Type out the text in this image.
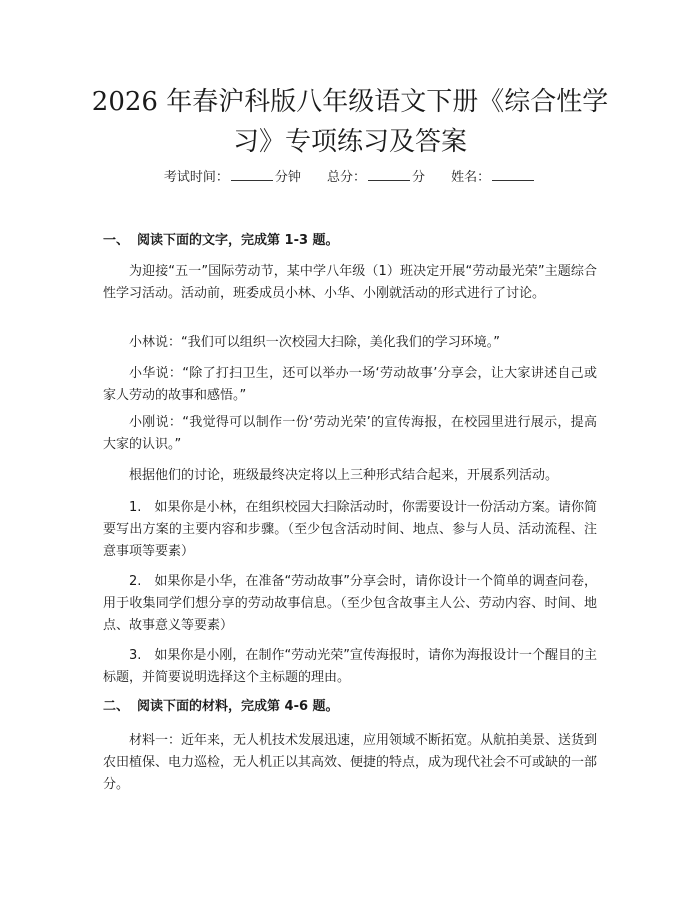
2026 年春沪科版八年级语文下册《综合性学
习》专项练习及答案
考试时间：	分钟 总分：	分 姓名：
一、 阅读下面的文字，完成第 1-3 题。
为迎接“五一”国际劳动节，某中学八年级（1）班决定开展“劳动最光荣”主题综合性学习活动。活动前，班委成员小林、小华、小刚就活动的形式进行了讨论。
小林说：“我们可以组织一次校园大扫除，美化我们的学习环境。”
小华说：“除了打扫卫生，还可以举办一场‘劳动故事’分享会，让大家讲述自己或家人劳动的故事和感悟。”
小刚说：“我觉得可以制作一份‘劳动光荣’的宣传海报，在校园里进行展示，提高大家的认识。”
根据他们的讨论，班级最终决定将以上三种形式结合起来，开展系列活动。
1.　如果你是小林，在组织校园大扫除活动时，你需要设计一份活动方案。请你简要写出方案的主要内容和步骤。（至少包含活动时间、地点、参与人员、活动流程、注意事项等要素）
2.　如果你是小华，在准备“劳动故事”分享会时，请你设计一个简单的调查问卷，用于收集同学们想分享的劳动故事信息。（至少包含故事主人公、劳动内容、时间、地点、故事意义等要素）
3.　如果你是小刚，在制作“劳动光荣”宣传海报时，请你为海报设计一个醒目的主标题，并简要说明选择这个主标题的理由。
二、 阅读下面的材料，完成第 4-6 题。
材料一：近年来，无人机技术发展迅速，应用领域不断拓宽。从航拍美景、送货到农田植保、电力巡检，无人机正以其高效、便捷的特点，成为现代社会不可或缺的一部分。
